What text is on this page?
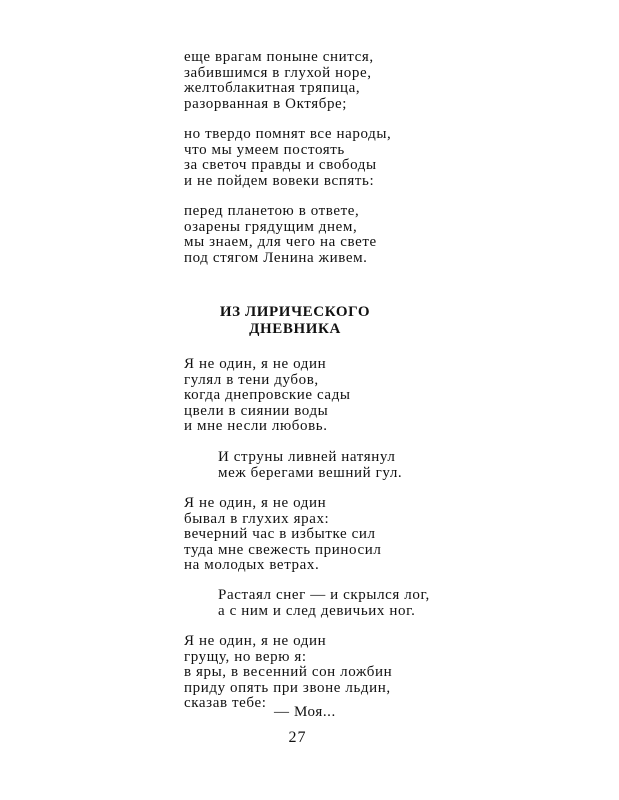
еще врагам понынe снится,
забившимся в глухой норе,
желтоблакитная тряпица,
разорванная в Октябре;
но твердо помнят все народы,
что мы умеем постоять
за светоч правды и свободы
и не пойдем вовеки вспять:
перед планетою в ответе,
озарены грядущим днем,
мы знаем, для чего на свете
под стягом Ленина живем.
ИЗ ЛИРИЧЕСКОГО
ДНЕВНИКА
Я не один, я не один
гулял в тени дубов,
когда днепровские сады
цвели в сиянии воды
и мне несли любовь.
И струны ливней натянул
меж берегами вешний гул.
Я не один, я не один
бывал в глухих ярах:
вечерний час в избытке сил
туда мне свежесть приносил
на молодых ветрах.
Растаял снег — и скрылся лог,
а с ним и след девичьих ног.
Я не один, я не один
грущу, но верю я:
в яры, в весенний сон ложбин
приду опять при звоне льдин,
сказав тебе:
— Моя...
27
